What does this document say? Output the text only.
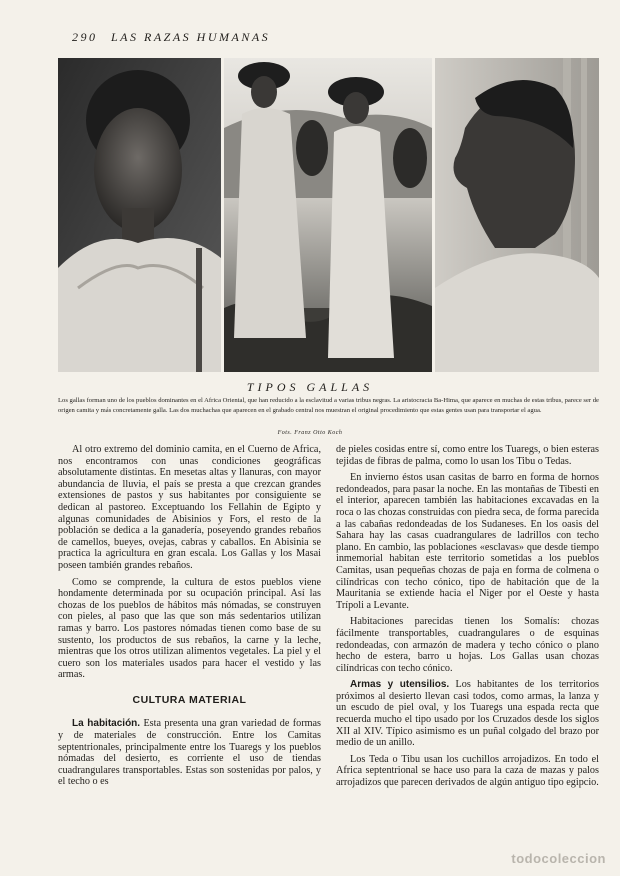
290 LAS RAZAS HUMANAS
TIPOS GALLAS
Los gallas forman uno de los pueblos dominantes en el Africa Oriental, que han reducido a la esclavitud a varias tribus negras. La aristocracia Ba-Hima, que aparece en muchas de estas tribus, parece ser de origen camita y más concretamente galla. Las dos muchachas que aparecen en el grabado central nos muestran el original procedimiento que estas gentes usan para transportar el agua.
Fots. Franz Otto Koch

Al otro extremo del dominio camita, en el Cuerno de Africa, nos encontramos con unas condiciones geográficas absolutamente distintas. En mesetas altas y llanuras, con mayor abundancia de lluvia, el país se presta a que crezcan grandes extensiones de pastos y sus habitantes por consiguiente se dedican al pastoreo. Exceptuando los Fellahin de Egipto y algunas comunidades de Abisinios y Fors, el resto de la población se dedica a la ganadería, poseyendo grandes rebaños de camellos, bueyes, ovejas, cabras y caballos. En Abisinia se practica la agricultura en gran escala. Los Gallas y los Masai poseen también grandes rebaños.

Como se comprende, la cultura de estos pueblos viene hondamente determinada por su ocupación principal. Así las chozas de los pueblos de hábitos más nómadas, se construyen con pieles, al paso que las que son más sedentarios utilizan ramas y barro. Los pastores nómadas tienen como base de su sustento, los productos de sus rebaños, la carne y la leche, mientras que los otros utilizan alimentos vegetales. La piel y el cuero son los materiales usados para hacer el vestido y las armas.

CULTURA MATERIAL

La habitación. Esta presenta una gran variedad de formas y de materiales de construcción. Entre los Camitas septentrionales, principalmente entre los Tuaregs y los pueblos nómadas del desierto, es corriente el uso de tiendas cuadrangulares transportables. Estas son sostenidas por palos, y el techo o es

de pieles cosidas entre sí, como entre los Tuaregs, o bien esteras tejidas de fibras de palma, como lo usan los Tibu o Tedas.

En invierno éstos usan casitas de barro en forma de hornos redondeados, para pasar la noche. En las montañas de Tibesti en el interior, aparecen también las habitaciones excavadas en la roca o las chozas construidas con piedra seca, de forma parecida a las cabañas redondeadas de los Sudaneses. En los oasis del Sahara hay las casas cuadrangulares de ladrillos con techo plano. En cambio, las poblaciones «esclavas» que desde tiempo inmemorial habitan este territorio sometidas a los pueblos Camitas, usan pequeñas chozas de paja en forma de colmena o cilíndricas con techo cónico, tipo de habitación que de la Mauritania se extiende hacia el Niger por el Oeste y hasta Trípoli a Levante.

Habitaciones parecidas tienen los Somalís: chozas fácilmente transportables, cuadrangulares o de esquinas redondeadas, con armazón de madera y techo cónico o plano hecho de estera, barro u hojas. Los Gallas usan chozas cilíndricas con techo cónico.

Armas y utensilios. Los habitantes de los territorios próximos al desierto llevan casi todos, como armas, la lanza y un escudo de piel oval, y los Tuaregs una espada recta que recuerda mucho el tipo usado por los Cruzados desde los siglos XII al XIV. Típico asimismo es un puñal colgado del brazo por medio de un anillo.

Los Teda o Tibu usan los cuchillos arrojadizos. En todo el Africa septentrional se hace uso para la caza de mazas y palos arrojadizos que parecen derivados de algún antiguo tipo egipcio.

todocoleccion
